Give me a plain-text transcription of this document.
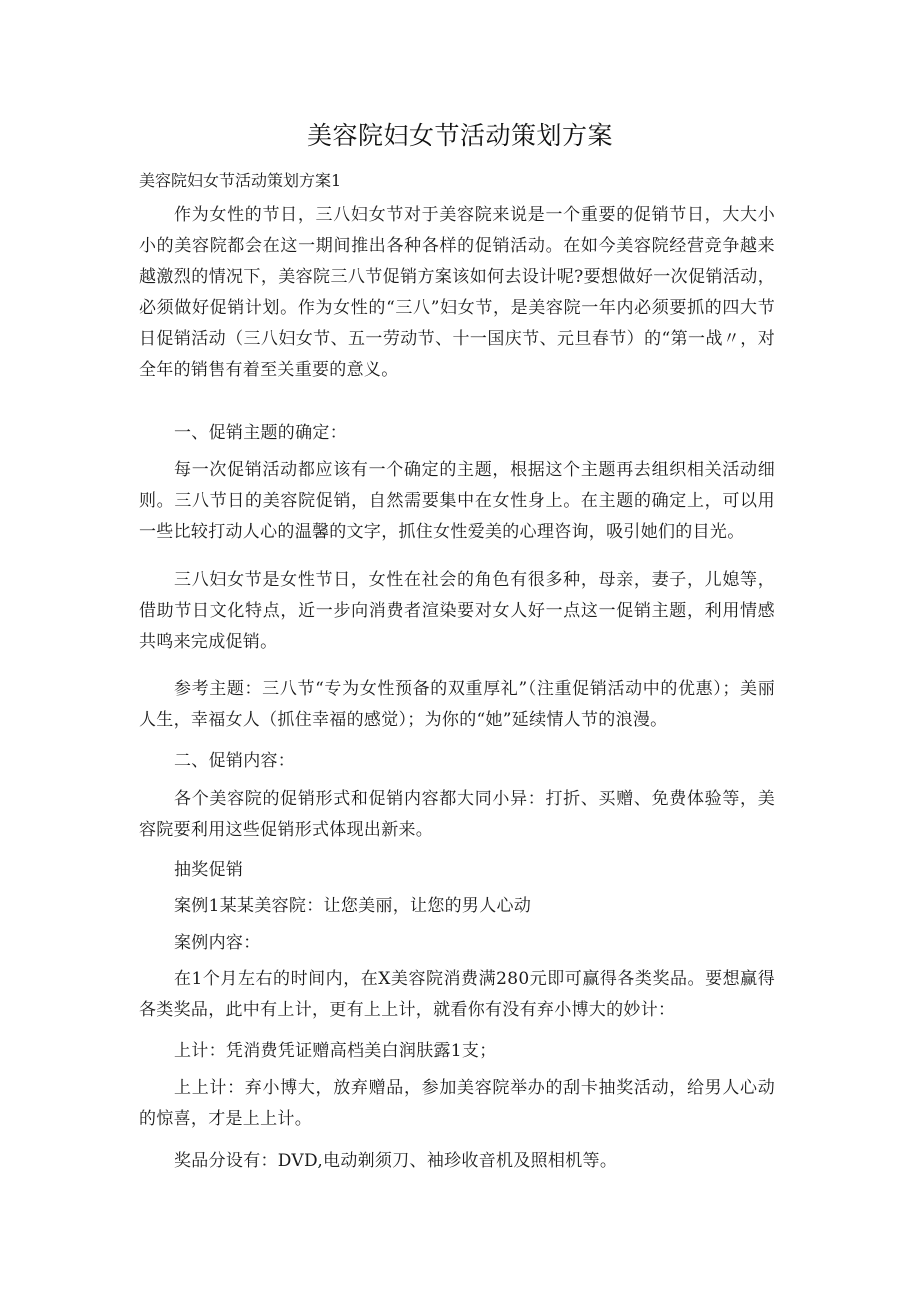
美容院妇女节活动策划方案

美容院妇女节活动策划方案1

作为女性的节日，三八妇女节对于美容院来说是一个重要的促销节日，大大小小的美容院都会在这一期间推出各种各样的促销活动。在如今美容院经营竞争越来越激烈的情况下，美容院三八节促销方案该如何去设计呢?要想做好一次促销活动，必须做好促销计划。作为女性的“三八”妇女节，是美容院一年内必须要抓的四大节日促销活动（三八妇女节、五一劳动节、十一国庆节、元旦春节）的“第一战〃，对全年的销售有着至关重要的意义。

一、促销主题的确定：

每一次促销活动都应该有一个确定的主题，根据这个主题再去组织相关活动细则。三八节日的美容院促销，自然需要集中在女性身上。在主题的确定上，可以用一些比较打动人心的温馨的文字，抓住女性爱美的心理咨询，吸引她们的目光。

三八妇女节是女性节日，女性在社会的角色有很多种，母亲，妻子，儿媳等，借助节日文化特点，近一步向消费者渲染要对女人好一点这一促销主题，利用情感共鸣来完成促销。

参考主题：三八节“专为女性预备的双重厚礼”（注重促销活动中的优惠）；美丽人生，幸福女人（抓住幸福的感觉）；为你的“她”延续情人节的浪漫。

二、促销内容：

各个美容院的促销形式和促销内容都大同小异：打折、买赠、免费体验等，美容院要利用这些促销形式体现出新来。

抽奖促销

案例1某某美容院：让您美丽，让您的男人心动

案例内容：

在1个月左右的时间内，在X美容院消费满280元即可赢得各类奖品。要想赢得各类奖品，此中有上计，更有上上计，就看你有没有弃小博大的妙计：

上计：凭消费凭证赠高档美白润肤露1支；

上上计：弃小博大，放弃赠品，参加美容院举办的刮卡抽奖活动，给男人心动的惊喜，才是上上计。

奖品分设有：DVD,电动剃须刀、袖珍收音机及照相机等。
